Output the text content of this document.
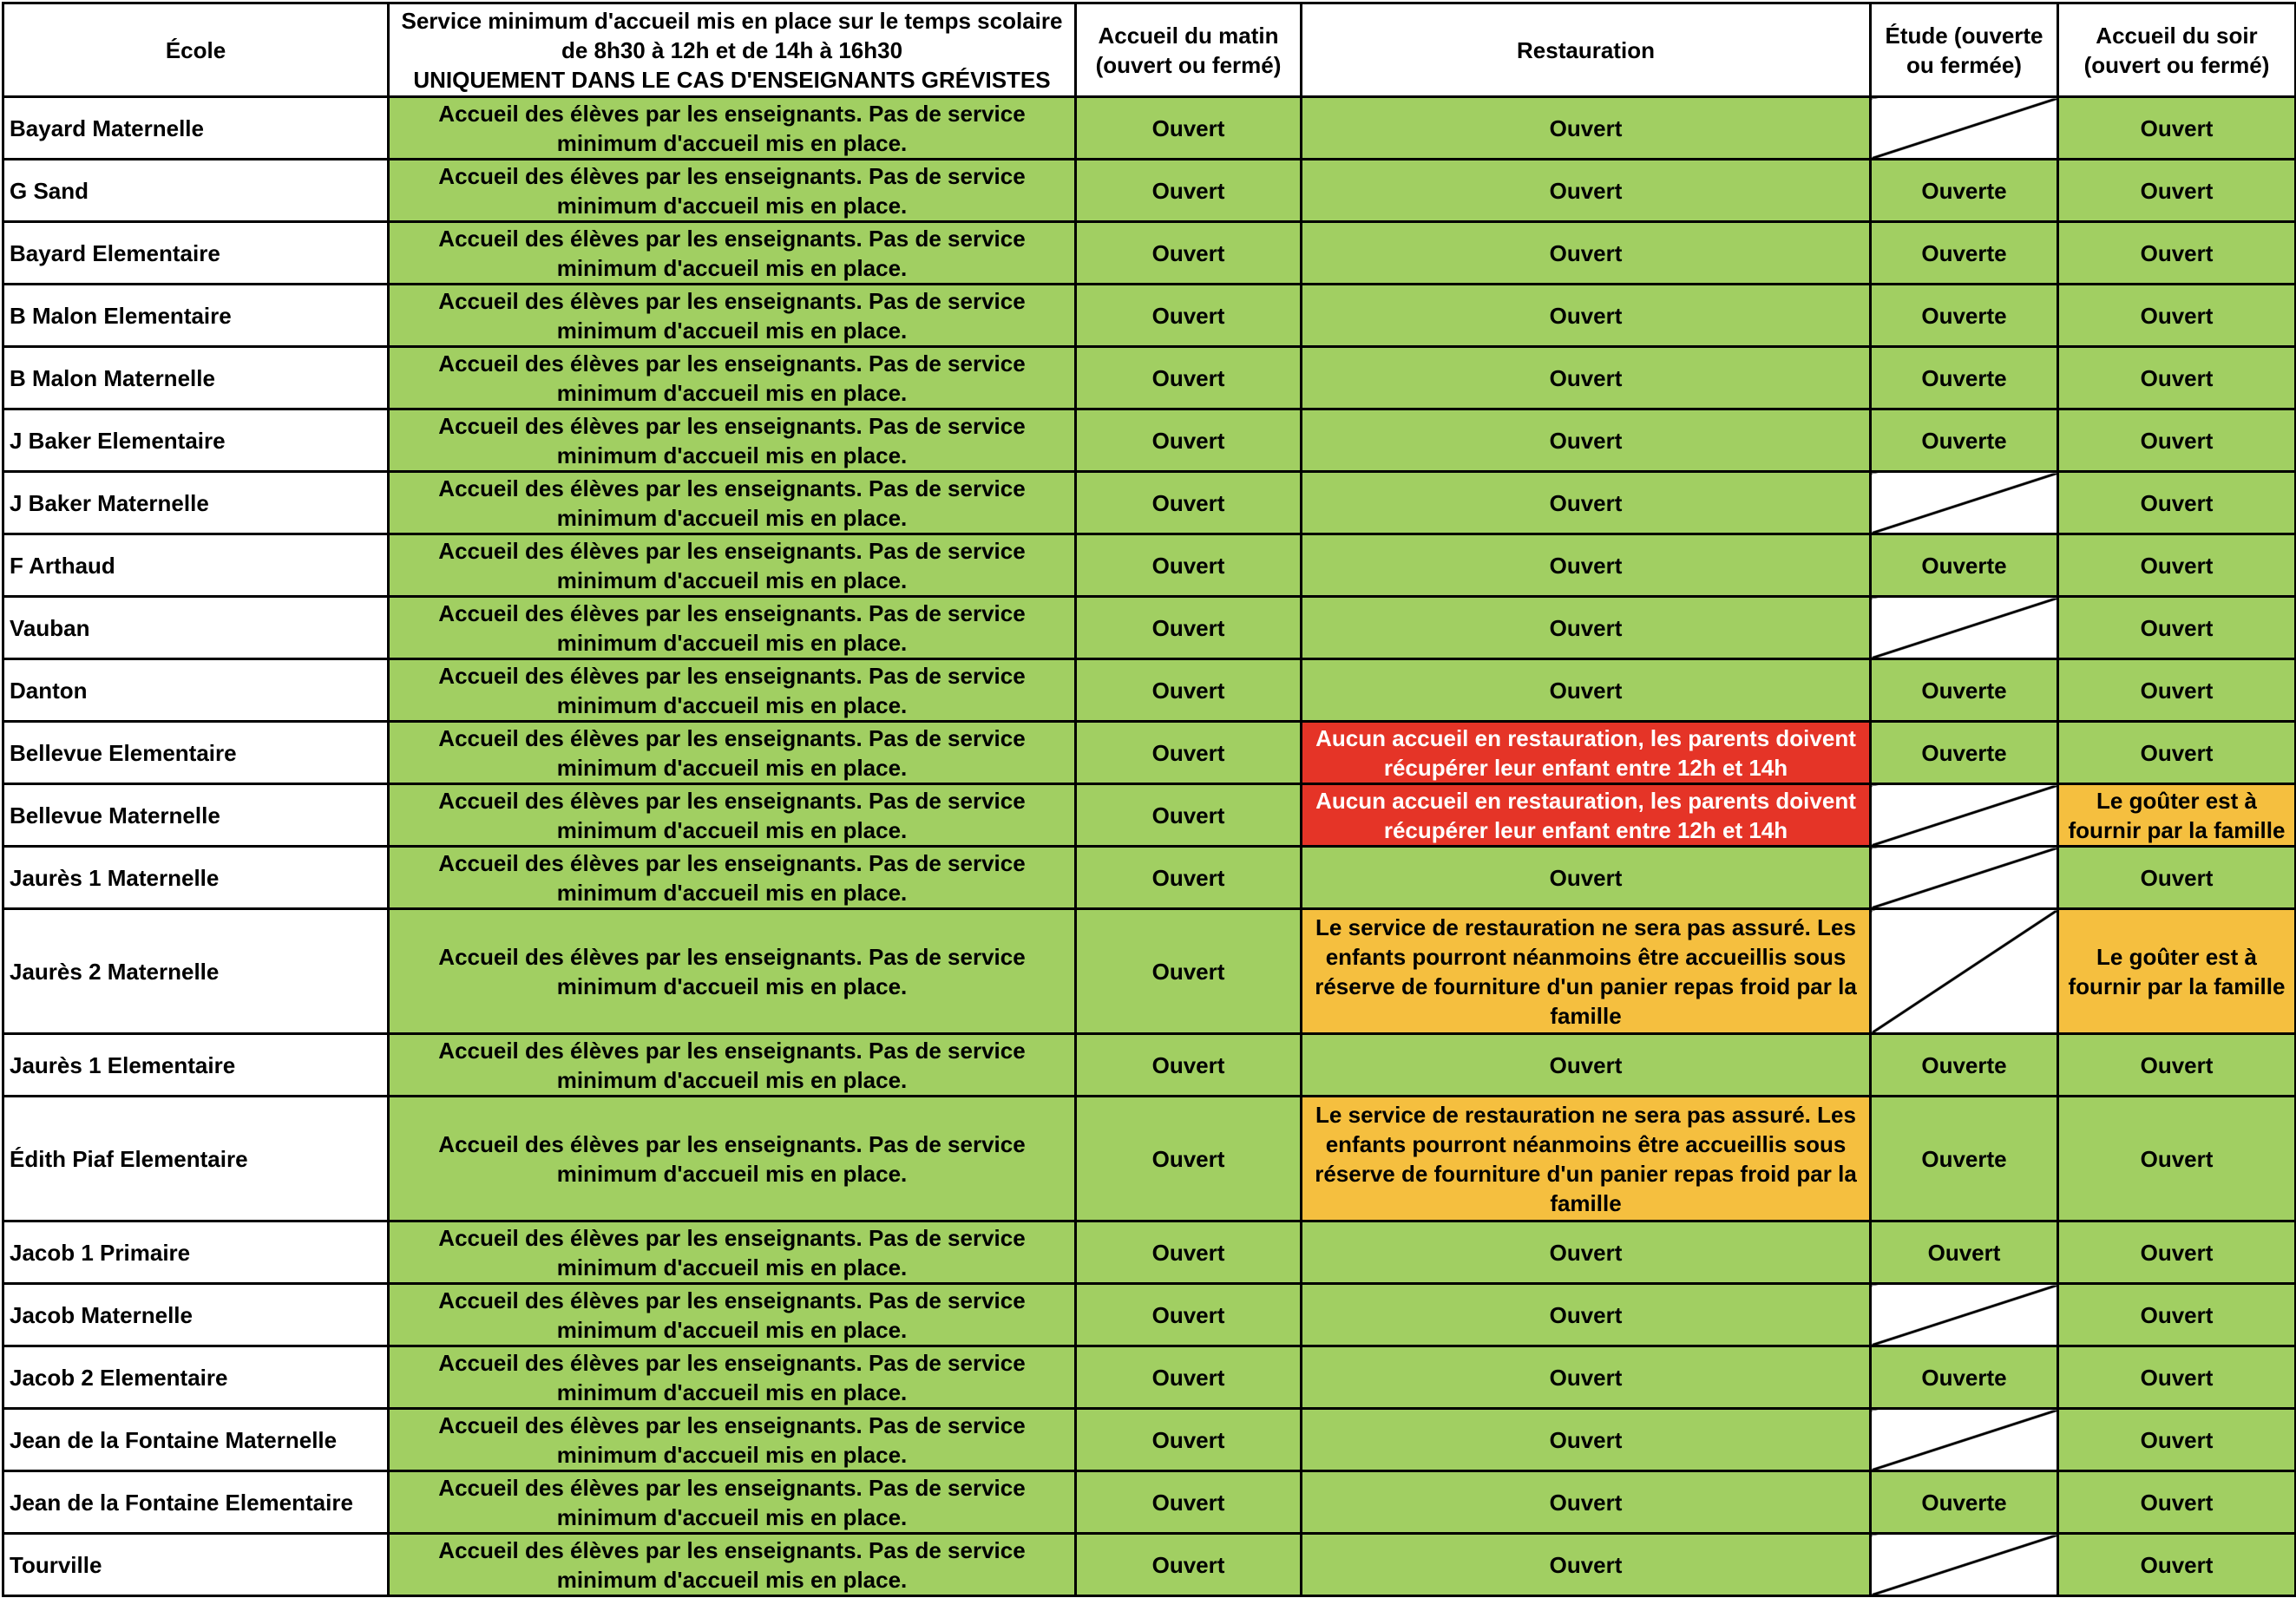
École	Service minimum d'accueil mis en place sur le temps scolaire
de 8h30 à 12h et de 14h à 16h30
UNIQUEMENT DANS LE CAS D'ENSEIGNANTS GRÉVISTES	Accueil du matin (ouvert ou fermé)	Restauration	Étude (ouverte ou fermée)	Accueil du soir (ouvert ou fermé)
Bayard Maternelle	Accueil des élèves par les enseignants. Pas de service minimum d'accueil mis en place.	Ouvert	Ouvert		Ouvert
G Sand	Accueil des élèves par les enseignants. Pas de service minimum d'accueil mis en place.	Ouvert	Ouvert	Ouverte	Ouvert
Bayard Elementaire	Accueil des élèves par les enseignants. Pas de service minimum d'accueil mis en place.	Ouvert	Ouvert	Ouverte	Ouvert
B Malon Elementaire	Accueil des élèves par les enseignants. Pas de service minimum d'accueil mis en place.	Ouvert	Ouvert	Ouverte	Ouvert
B Malon Maternelle	Accueil des élèves par les enseignants. Pas de service minimum d'accueil mis en place.	Ouvert	Ouvert	Ouverte	Ouvert
J Baker Elementaire	Accueil des élèves par les enseignants. Pas de service minimum d'accueil mis en place.	Ouvert	Ouvert	Ouverte	Ouvert
J Baker Maternelle	Accueil des élèves par les enseignants. Pas de service minimum d'accueil mis en place.	Ouvert	Ouvert		Ouvert
F Arthaud	Accueil des élèves par les enseignants. Pas de service minimum d'accueil mis en place.	Ouvert	Ouvert	Ouverte	Ouvert
Vauban	Accueil des élèves par les enseignants. Pas de service minimum d'accueil mis en place.	Ouvert	Ouvert		Ouvert
Danton	Accueil des élèves par les enseignants. Pas de service minimum d'accueil mis en place.	Ouvert	Ouvert	Ouverte	Ouvert
Bellevue Elementaire	Accueil des élèves par les enseignants. Pas de service minimum d'accueil mis en place.	Ouvert	Aucun accueil en restauration, les parents doivent récupérer leur enfant entre 12h et 14h	Ouverte	Ouvert
Bellevue Maternelle	Accueil des élèves par les enseignants. Pas de service minimum d'accueil mis en place.	Ouvert	Aucun accueil en restauration, les parents doivent récupérer leur enfant entre 12h et 14h		Le goûter est à fournir par la famille
Jaurès 1 Maternelle	Accueil des élèves par les enseignants. Pas de service minimum d'accueil mis en place.	Ouvert	Ouvert		Ouvert
Jaurès 2 Maternelle	Accueil des élèves par les enseignants. Pas de service minimum d'accueil mis en place.	Ouvert	Le service de restauration ne sera pas assuré. Les enfants pourront néanmoins être accueillis sous réserve de fourniture d'un panier repas froid par la famille		Le goûter est à fournir par la famille
Jaurès 1 Elementaire	Accueil des élèves par les enseignants. Pas de service minimum d'accueil mis en place.	Ouvert	Ouvert	Ouverte	Ouvert
Édith Piaf Elementaire	Accueil des élèves par les enseignants. Pas de service minimum d'accueil mis en place.	Ouvert	Le service de restauration ne sera pas assuré. Les enfants pourront néanmoins être accueillis sous réserve de fourniture d'un panier repas froid par la famille	Ouverte	Ouvert
Jacob 1 Primaire	Accueil des élèves par les enseignants. Pas de service minimum d'accueil mis en place.	Ouvert	Ouvert	Ouvert	Ouvert
Jacob Maternelle	Accueil des élèves par les enseignants. Pas de service minimum d'accueil mis en place.	Ouvert	Ouvert		Ouvert
Jacob 2 Elementaire	Accueil des élèves par les enseignants. Pas de service minimum d'accueil mis en place.	Ouvert	Ouvert	Ouverte	Ouvert
Jean de la Fontaine Maternelle	Accueil des élèves par les enseignants. Pas de service minimum d'accueil mis en place.	Ouvert	Ouvert		Ouvert
Jean de la Fontaine Elementaire	Accueil des élèves par les enseignants. Pas de service minimum d'accueil mis en place.	Ouvert	Ouvert	Ouverte	Ouvert
Tourville	Accueil des élèves par les enseignants. Pas de service minimum d'accueil mis en place.	Ouvert	Ouvert		Ouvert
